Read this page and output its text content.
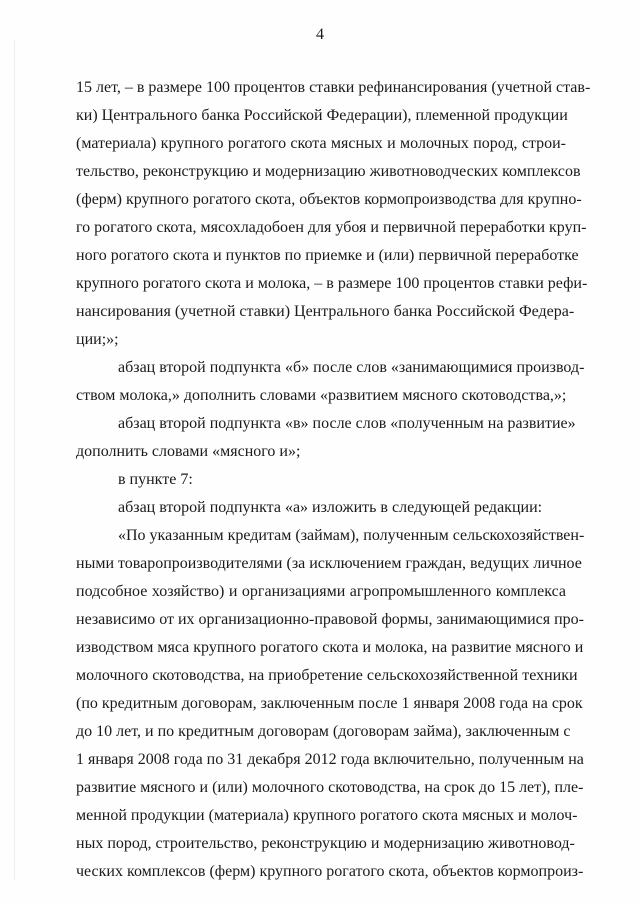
4
15 лет, – в размере 100 процентов ставки рефинансирования (учетной став-
ки) Центрального банка Российской Федерации), племенной продукции
(материала) крупного рогатого скота мясных и молочных пород, строи-
тельство, реконструкцию и модернизацию животноводческих комплексов
(ферм) крупного рогатого скота, объектов кормопроизводства для крупно-
го рогатого скота, мясохладобоен для убоя и первичной переработки круп-
ного рогатого скота и пунктов по приемке и (или) первичной переработке
крупного рогатого скота и молока, – в размере 100 процентов ставки рефи-
нансирования (учетной ставки) Центрального банка Российской Федера-
ции;»;
абзац второй подпункта «б» после слов «занимающимися производ-
ством молока,» дополнить словами «развитием мясного скотоводства,»;
абзац второй подпункта «в» после слов «полученным на развитие»
дополнить словами «мясного и»;
в пункте 7:
абзац второй подпункта «а» изложить в следующей редакции:
«По указанным кредитам (займам), полученным сельскохозяйствен-
ными товаропроизводителями (за исключением граждан, ведущих личное
подсобное хозяйство) и организациями агропромышленного комплекса
независимо от их организационно-правовой формы, занимающимися про-
изводством мяса крупного рогатого скота и молока, на развитие мясного и
молочного скотоводства, на приобретение сельскохозяйственной техники
(по кредитным договорам, заключенным после 1 января 2008 года на срок
до 10 лет, и по кредитным договорам (договорам займа), заключенным с
1 января 2008 года по 31 декабря 2012 года включительно, полученным на
развитие мясного и (или) молочного скотоводства, на срок до 15 лет), пле-
менной продукции (материала) крупного рогатого скота мясных и молоч-
ных пород, строительство, реконструкцию и модернизацию животновод-
ческих комплексов (ферм) крупного рогатого скота, объектов кормопроиз-
